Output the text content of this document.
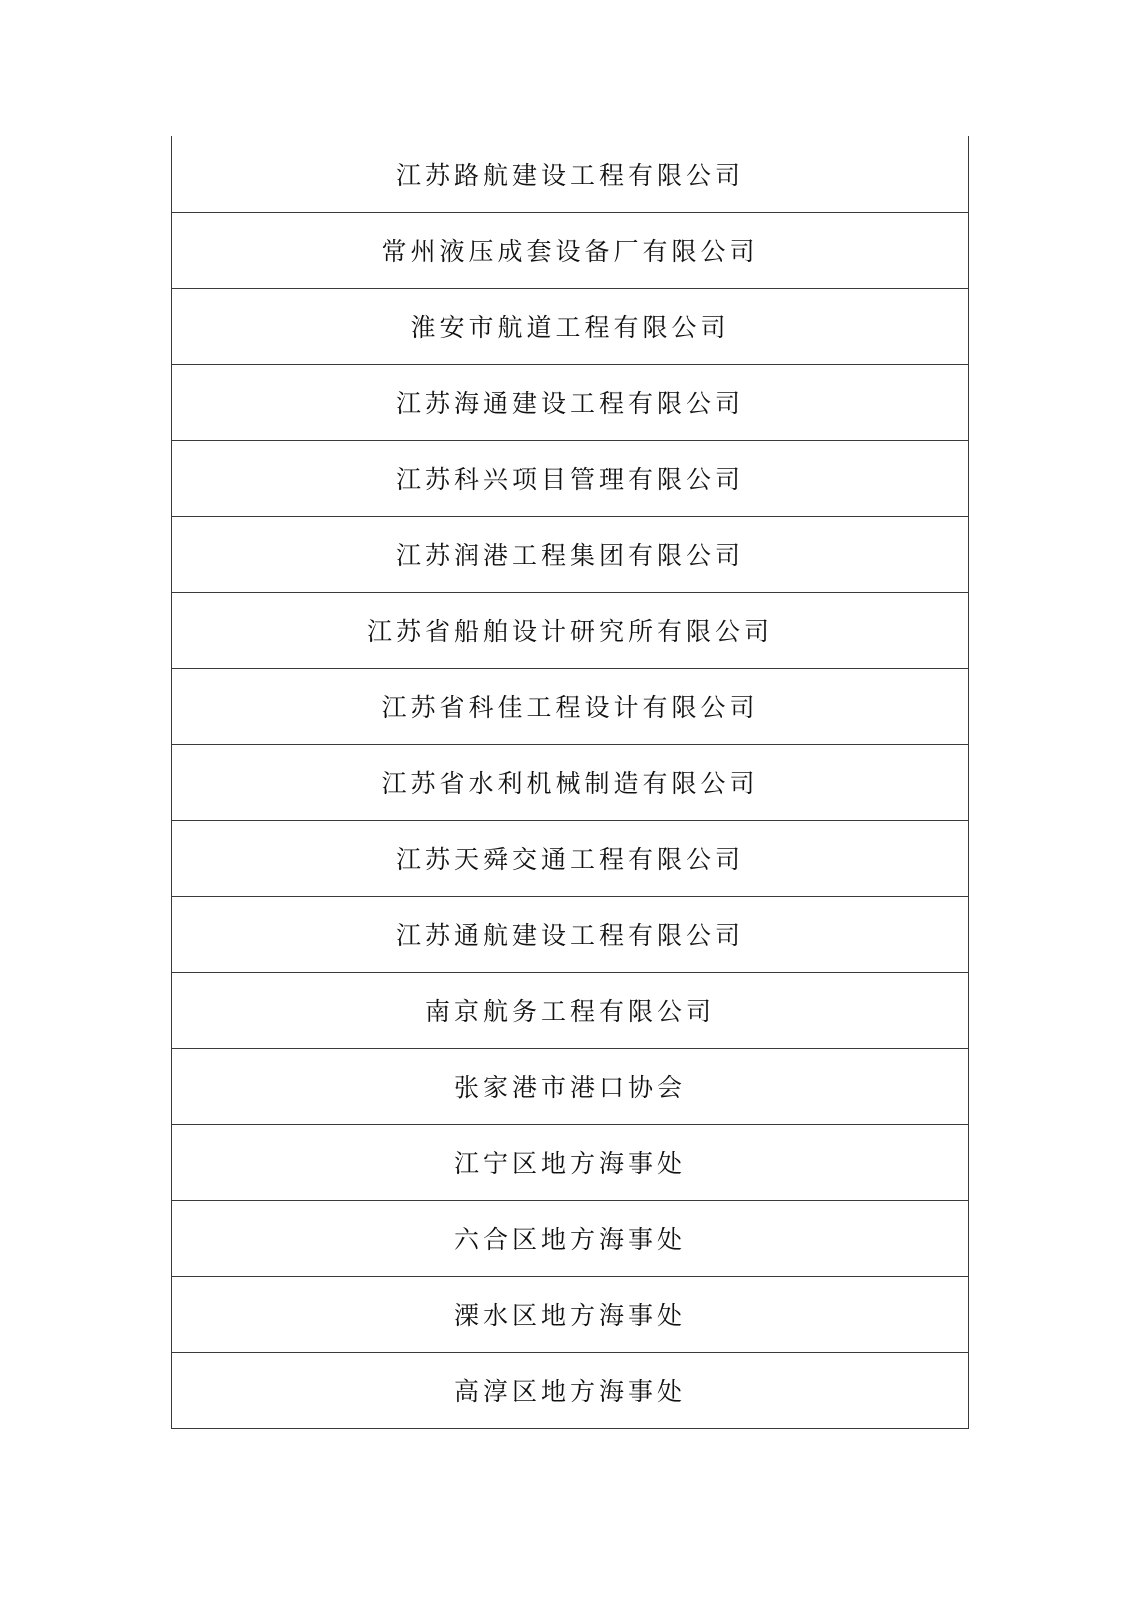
江苏路航建设工程有限公司
常州液压成套设备厂有限公司
淮安市航道工程有限公司
江苏海通建设工程有限公司
江苏科兴项目管理有限公司
江苏润港工程集团有限公司
江苏省船舶设计研究所有限公司
江苏省科佳工程设计有限公司
江苏省水利机械制造有限公司
江苏天舜交通工程有限公司
江苏通航建设工程有限公司
南京航务工程有限公司
张家港市港口协会
江宁区地方海事处
六合区地方海事处
溧水区地方海事处
高淳区地方海事处
